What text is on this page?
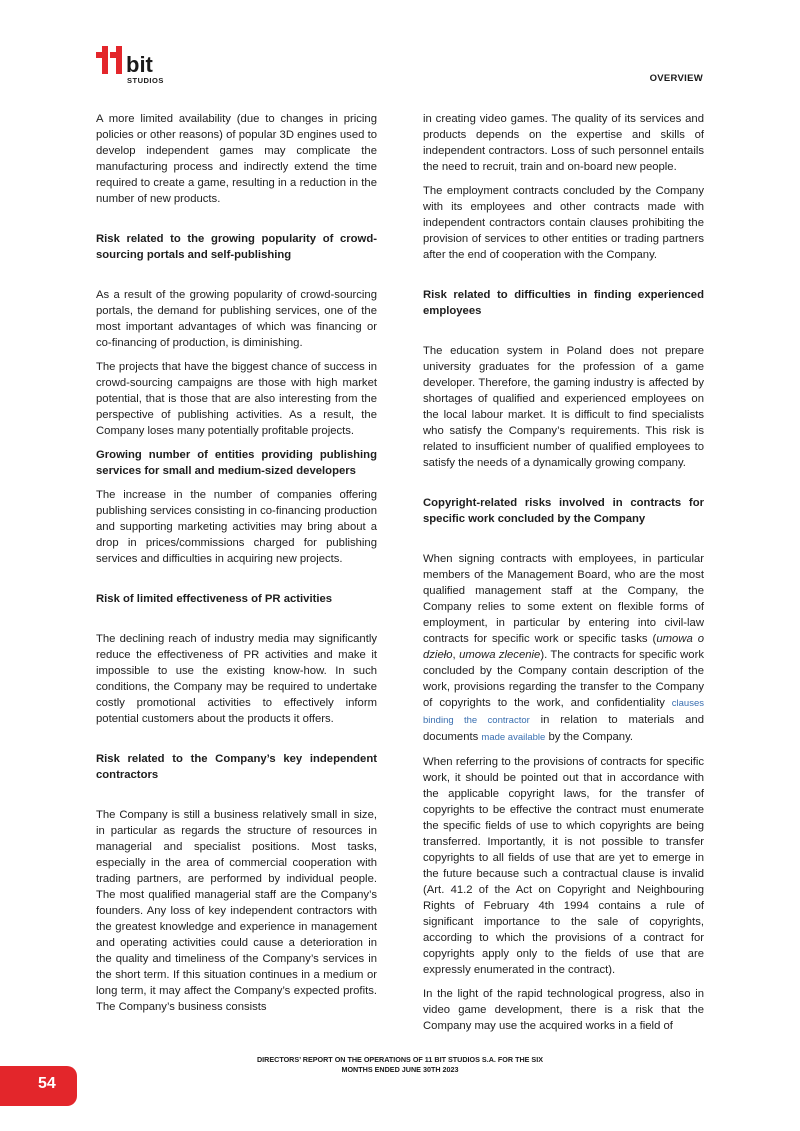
bit
STUDIOS	OVERVIEW

A more limited availability (due to changes in pricing policies or other reasons) of popular 3D engines used to develop independent games may complicate the manufacturing process and indirectly extend the time required to create a game, resulting in a reduction in the number of new products.

Risk related to the growing popularity of crowd-sourcing portals and self-publishing

As a result of the growing popularity of crowd-sourcing portals, the demand for publishing services, one of the most important advantages of which was financing or co-financing of production, is diminishing.

The projects that have the biggest chance of success in crowd-sourcing campaigns are those with high market potential, that is those that are also interesting from the perspective of publishing activities. As a result, the Company loses many potentially profitable projects.

Growing number of entities providing publishing services for small and medium-sized developers

The increase in the number of companies offering publishing services consisting in co-financing production and supporting marketing activities may bring about a drop in prices/commissions charged for publishing services and difficulties in acquiring new projects.

Risk of limited effectiveness of PR activities

The declining reach of industry media may significantly reduce the effectiveness of PR activities and make it impossible to use the existing know-how. In such conditions, the Company may be required to undertake costly promotional activities to effectively inform potential customers about the products it offers.

Risk related to the Company’s key independent contractors

The Company is still a business relatively small in size, in particular as regards the structure of resources in managerial and specialist positions. Most tasks, especially in the area of commercial cooperation with trading partners, are performed by individual people. The most qualified managerial staff are the Company’s founders. Any loss of key independent contractors with the greatest knowledge and experience in management and operating activities could cause a deterioration in the quality and timeliness of the Company’s services in the short term. If this situation continues in a medium or long term, it may affect the Company’s expected profits. The Company’s business consists

in creating video games. The quality of its services and products depends on the expertise and skills of independent contractors. Loss of such personnel entails the need to recruit, train and on-board new people.

The employment contracts concluded by the Company with its employees and other contracts made with independent contractors contain clauses prohibiting the provision of services to other entities or trading partners after the end of cooperation with the Company.

Risk related to difficulties in finding experienced employees

The education system in Poland does not prepare university graduates for the profession of a game developer. Therefore, the gaming industry is affected by shortages of qualified and experienced employees on the local labour market. It is difficult to find specialists who satisfy the Company’s requirements. This risk is related to insufficient number of qualified employees to satisfy the needs of a dynamically growing company.

Copyright-related risks involved in contracts for specific work concluded by the Company

When signing contracts with employees, in particular members of the Management Board, who are the most qualified management staff at the Company, the Company relies to some extent on flexible forms of employment, in particular by entering into civil-law contracts for specific work or specific tasks (umowa o dzieło, umowa zlecenie). The contracts for specific work concluded by the Company contain description of the work, provisions regarding the transfer to the Company of copyrights to the work, and confidentiality clauses binding the contractor in relation to materials and documents made available by the Company.

When referring to the provisions of contracts for specific work, it should be pointed out that in accordance with the applicable copyright laws, for the transfer of copyrights to be effective the contract must enumerate the specific fields of use to which copyrights are being transferred. Importantly, it is not possible to transfer copyrights to all fields of use that are yet to emerge in the future because such a contractual clause is invalid (Art. 41.2 of the Act on Copyright and Neighbouring Rights of February 4th 1994 contains a rule of significant importance to the sale of copyrights, according to which the provisions of a contract for copyrights apply only to the fields of use that are expressly enumerated in the contract).

In the light of the rapid technological progress, also in video game development, there is a risk that the Company may use the acquired works in a field of

DIRECTORS’ REPORT ON THE OPERATIONS OF 11 BIT STUDIOS S.A. FOR THE SIX
MONTHS ENDED JUNE 30TH 2023
54
